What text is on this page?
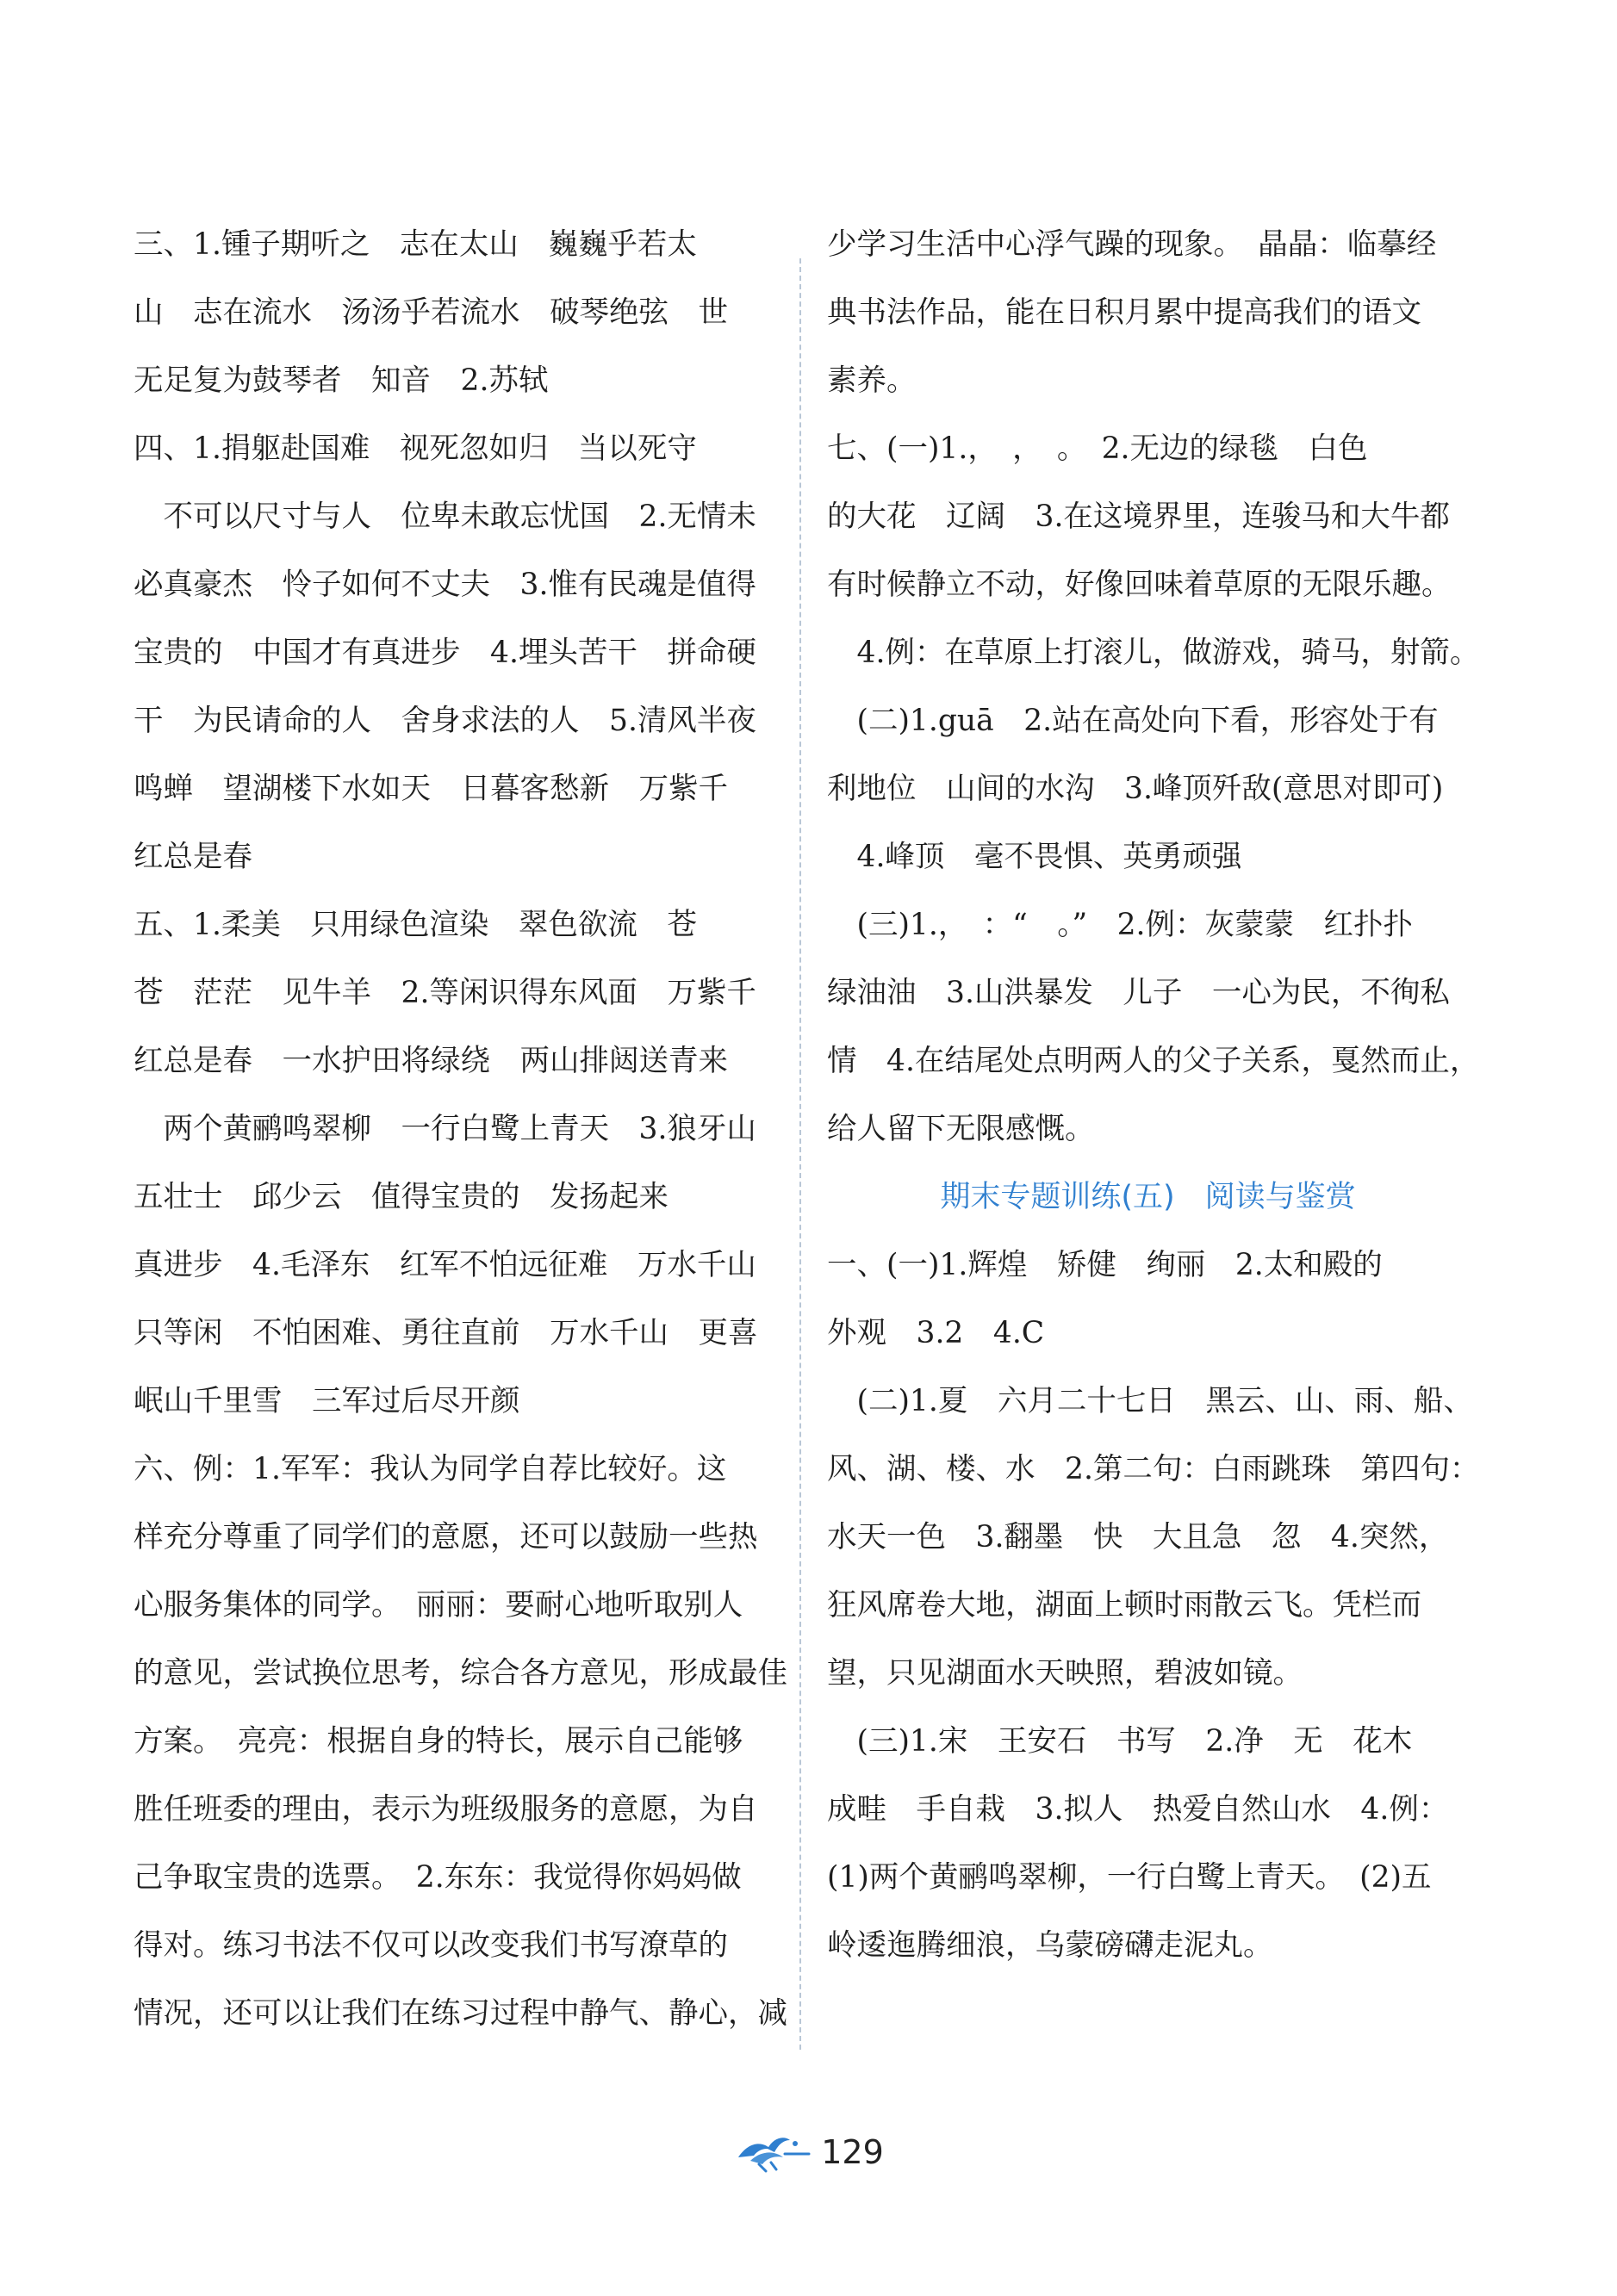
三、1.锺子期听之　志在太山　巍巍乎若太
山　志在流水　汤汤乎若流水　破琴绝弦　世
无足复为鼓琴者　知音　2.苏轼
四、1.捐躯赴国难　视死忽如归　当以死守
　不可以尺寸与人　位卑未敢忘忧国　2.无情未
必真豪杰　怜子如何不丈夫　3.惟有民魂是值得
宝贵的　中国才有真进步　4.埋头苦干　拼命硬
干　为民请命的人　舍身求法的人　5.清风半夜
鸣蝉　望湖楼下水如天　日暮客愁新　万紫千
红总是春
五、1.柔美　只用绿色渲染　翠色欲流　苍
苍　茫茫　见牛羊　2.等闲识得东风面　万紫千
红总是春　一水护田将绿绕　两山排闼送青来
　两个黄鹂鸣翠柳　一行白鹭上青天　3.狼牙山
五壮士　邱少云　值得宝贵的　发扬起来
真进步　4.毛泽东　红军不怕远征难　万水千山
只等闲　不怕困难、勇往直前　万水千山　更喜
岷山千里雪　三军过后尽开颜
六、例：1.军军：我认为同学自荐比较好。这
样充分尊重了同学们的意愿，还可以鼓励一些热
心服务集体的同学。　丽丽：要耐心地听取别人
的意见，尝试换位思考，综合各方意见，形成最佳
方案。　亮亮：根据自身的特长，展示自己能够
胜任班委的理由，表示为班级服务的意愿，为自
己争取宝贵的选票。　2.东东：我觉得你妈妈做
得对。练习书法不仅可以改变我们书写潦草的
情况，还可以让我们在练习过程中静气、静心，减
少学习生活中心浮气躁的现象。　晶晶：临摹经
典书法作品，能在日积月累中提高我们的语文
素养。
七、(一)1.，　，　。　2.无边的绿毯　白色
的大花　辽阔　3.在这境界里，连骏马和大牛都
有时候静立不动，好像回味着草原的无限乐趣。
　4.例：在草原上打滚儿，做游戏，骑马，射箭。
　(二)1.guā　2.站在高处向下看，形容处于有
利地位　山间的水沟　3.峰顶歼敌(意思对即可)
　4.峰顶　毫不畏惧、英勇顽强
　(三)1.，　：“　。”　2.例：灰蒙蒙　红扑扑
绿油油　3.山洪暴发　儿子　一心为民，不徇私
情　4.在结尾处点明两人的父子关系，戛然而止，
给人留下无限感慨。
期末专题训练(五)　阅读与鉴赏
一、(一)1.辉煌　矫健　绚丽　2.太和殿的
外观　3.2　4.C
　(二)1.夏　六月二十七日　黑云、山、雨、船、
风、湖、楼、水　2.第二句：白雨跳珠　第四句：
水天一色　3.翻墨　快　大且急　忽　4.突然，
狂风席卷大地，湖面上顿时雨散云飞。凭栏而
望，只见湖面水天映照，碧波如镜。
　(三)1.宋　王安石　书写　2.净　无　花木
成畦　手自栽　3.拟人　热爱自然山水　4.例：
(1)两个黄鹂鸣翠柳，一行白鹭上青天。　(2)五
岭逶迤腾细浪，乌蒙磅礴走泥丸。
129
